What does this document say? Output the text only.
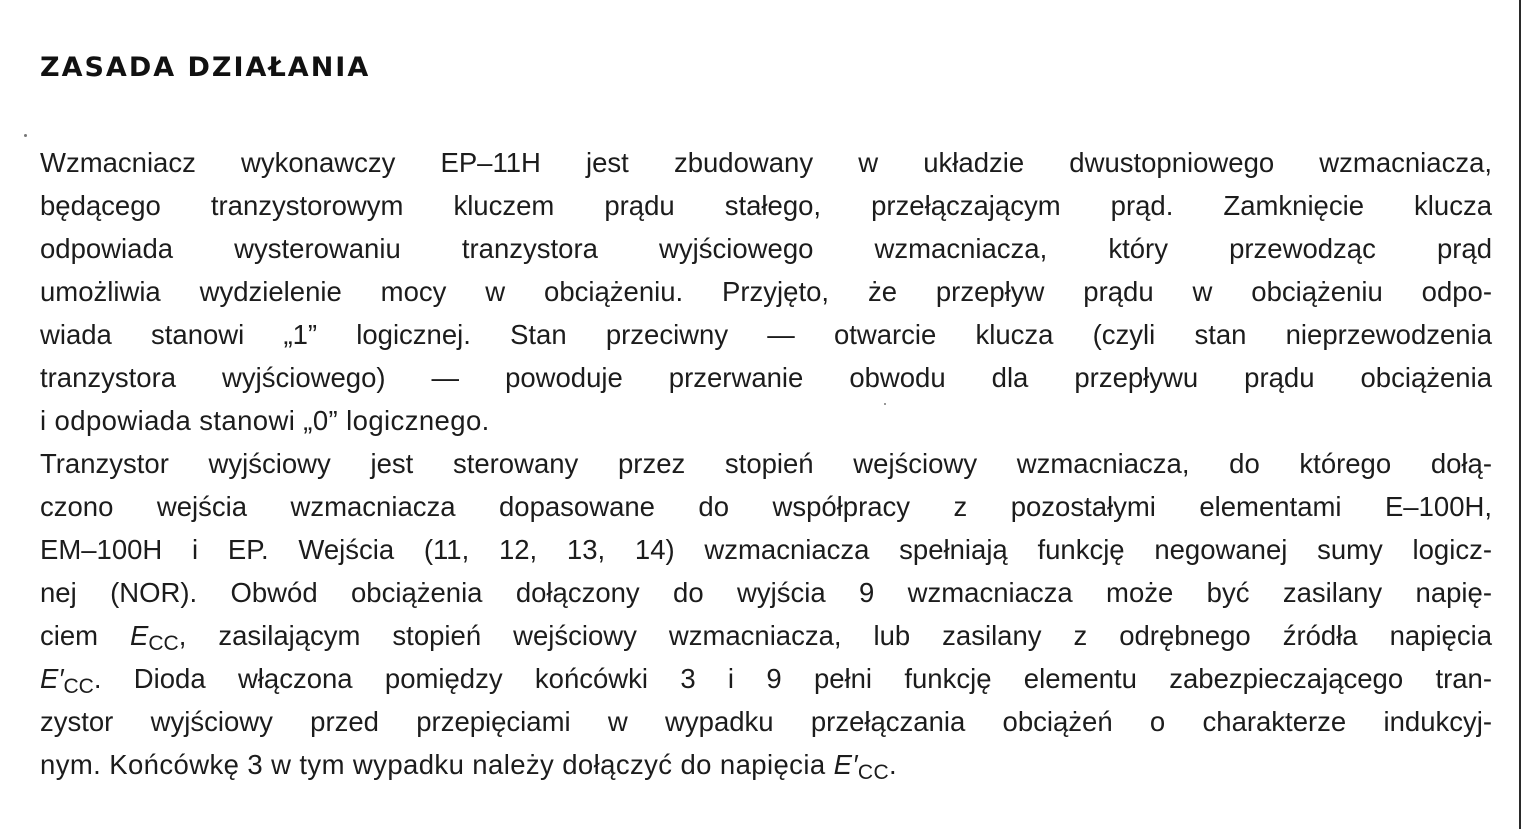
ZASADA DZIAŁANIA
Wzmacniacz wykonawczy EP–11H jest zbudowany w układzie dwustopniowego wzmacniacza,
będącego tranzystorowym kluczem prądu stałego, przełączającym prąd. Zamknięcie klucza
odpowiada wysterowaniu tranzystora wyjściowego wzmacniacza, który przewodząc prąd
umożliwia wydzielenie mocy w obciążeniu. Przyjęto, że przepływ prądu w obciążeniu odpo-
wiada stanowi „1” logicznej. Stan przeciwny — otwarcie klucza (czyli stan nieprzewodzenia
tranzystora wyjściowego) — powoduje przerwanie obwodu dla przepływu prądu obciążenia
i odpowiada stanowi „0” logicznego.
Tranzystor wyjściowy jest sterowany przez stopień wejściowy wzmacniacza, do którego dołą-
czono wejścia wzmacniacza dopasowane do współpracy z pozostałymi elementami E–100H,
EM–100H i EP. Wejścia (11, 12, 13, 14) wzmacniacza spełniają funkcję negowanej sumy logicz-
nej (NOR). Obwód obciążenia dołączony do wyjścia 9 wzmacniacza może być zasilany napię-
ciem $E_{CC}$, zasilającym stopień wejściowy wzmacniacza, lub zasilany z odrębnego źródła napięcia
$E'_{CC}$. Dioda włączona pomiędzy końcówki 3 i 9 pełni funkcję elementu zabezpieczającego tran-
zystor wyjściowy przed przepięciami w wypadku przełączania obciążeń o charakterze indukcyj-
nym. Końcówkę 3 w tym wypadku należy dołączyć do napięcia $E'_{CC}$.
